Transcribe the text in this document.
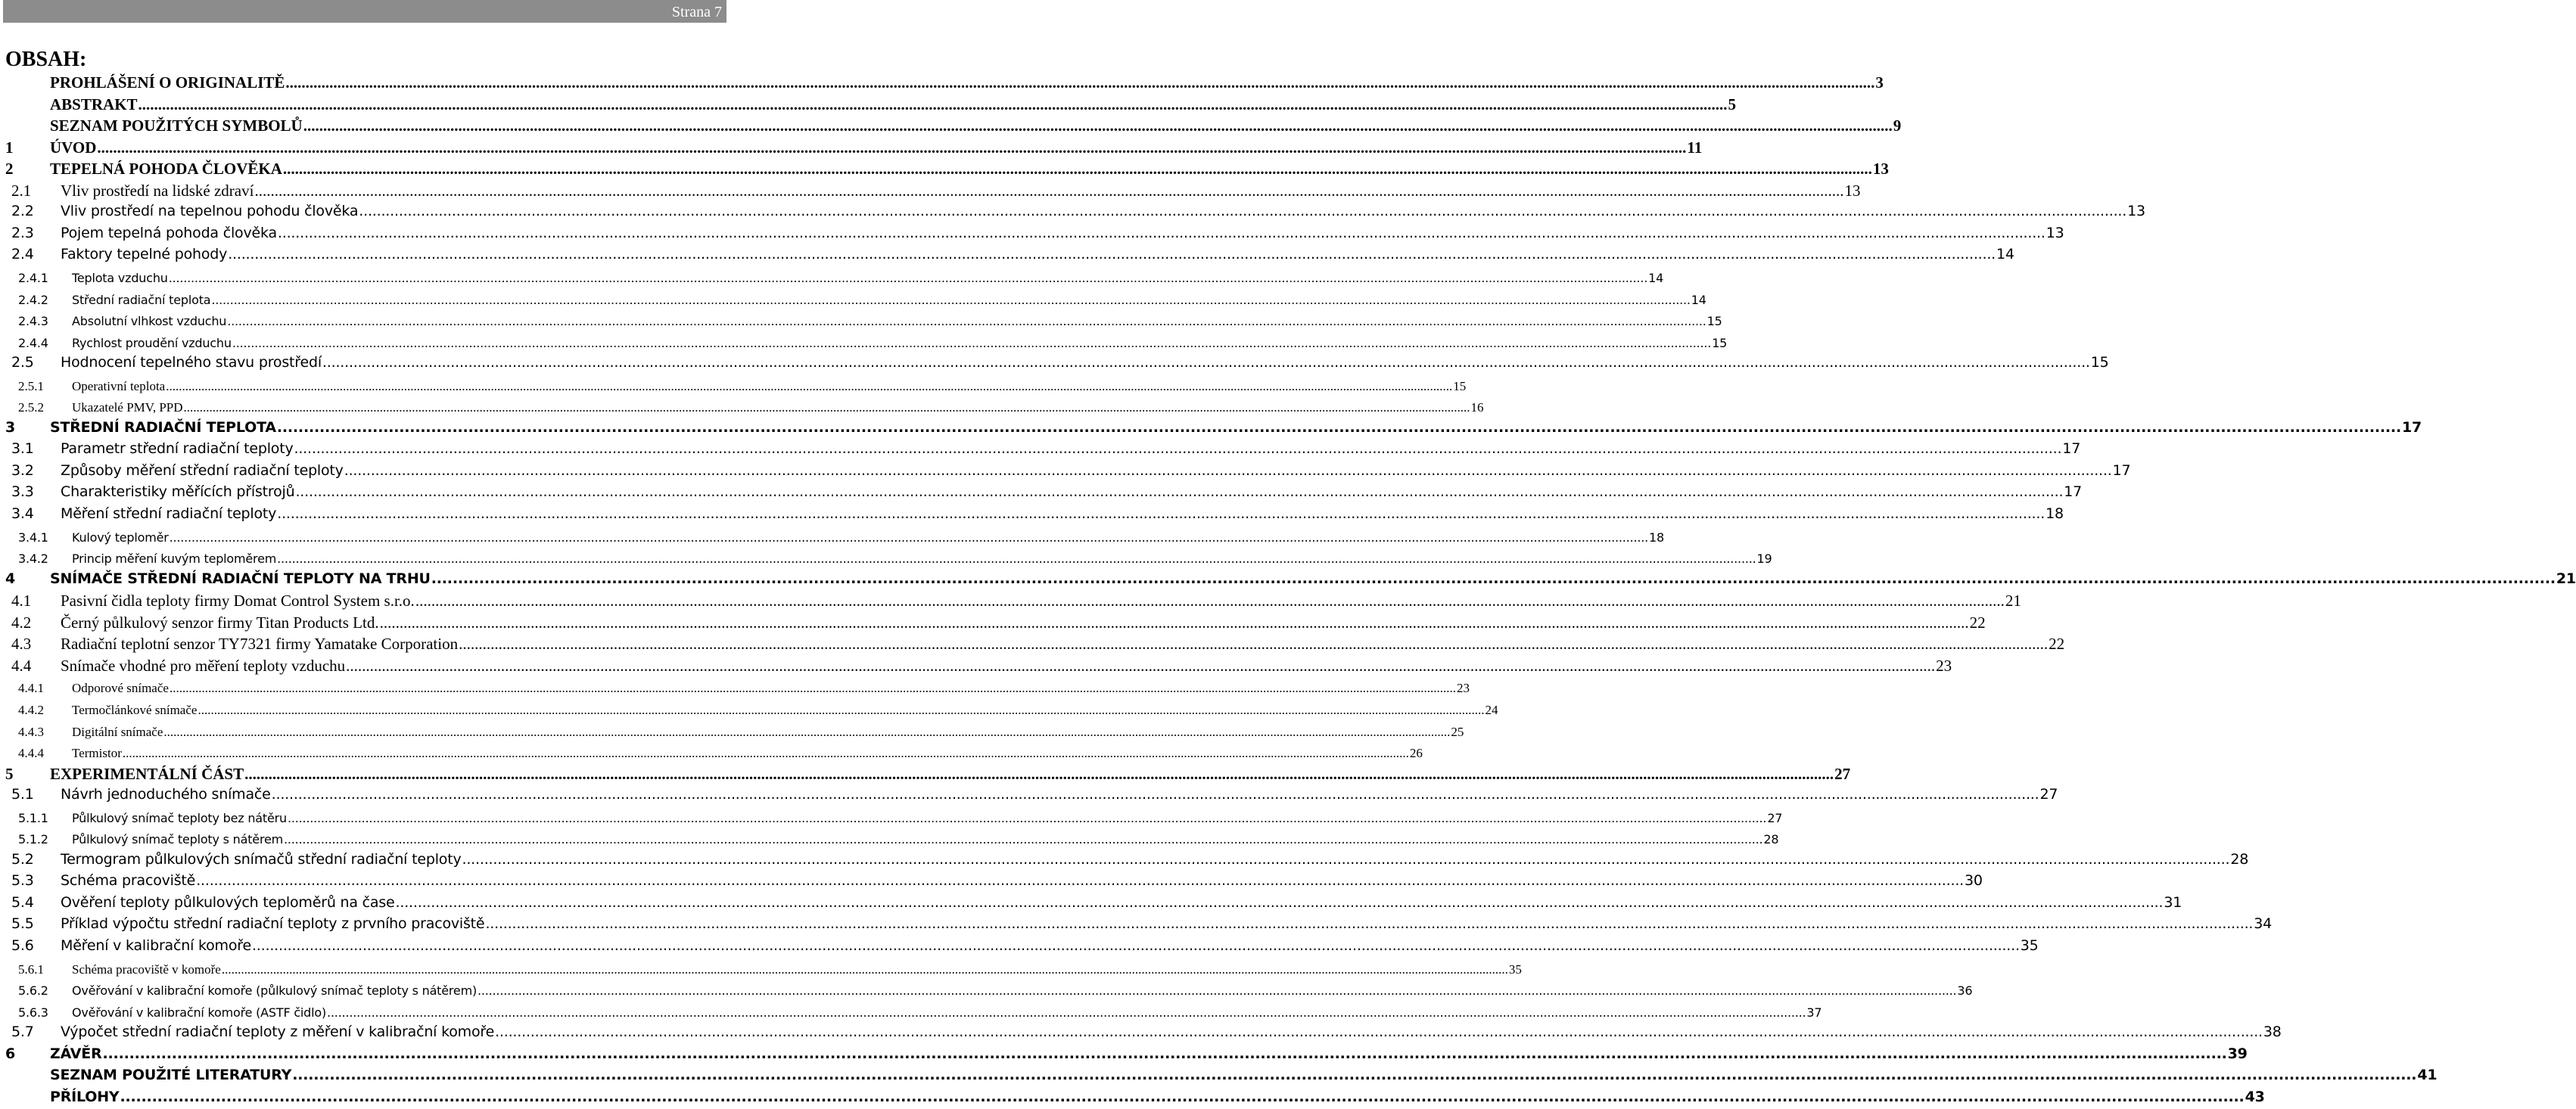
Strana 7
OBSAH:
PROHLÁŠENÍ O ORIGINALITĚ ................................................................................................................................................................................................................................................................................................................................................................................................................ 3
ABSTRAKT ................................................................................................................................................................................................................................................................................................................................................................................................................ 5
SEZNAM POUŽITÝCH SYMBOLŮ ................................................................................................................................................................................................................................................................................................................................................................................................................ 9
1 ÚVOD ................................................................................................................................................................................................................................................................................................................................................................................................................ 11
2 TEPELNÁ POHODA ČLOVĚKA ................................................................................................................................................................................................................................................................................................................................................................................................................ 13
2.1 Vliv prostředí na lidské zdraví ................................................................................................................................................................................................................................................................................................................................................................................................................ 13
2.2 Vliv prostředí na tepelnou pohodu člověka ................................................................................................................................................................................................................................................................................................................................................................................................................ 13
2.3 Pojem tepelná pohoda člověka ................................................................................................................................................................................................................................................................................................................................................................................................................ 13
2.4 Faktory tepelné pohody ................................................................................................................................................................................................................................................................................................................................................................................................................ 14
2.4.1 Teplota vzduchu ................................................................................................................................................................................................................................................................................................................................................................................................................ 14
2.4.2 Střední radiační teplota ................................................................................................................................................................................................................................................................................................................................................................................................................ 14
2.4.3 Absolutní vlhkost vzduchu ................................................................................................................................................................................................................................................................................................................................................................................................................ 15
2.4.4 Rychlost proudění vzduchu ................................................................................................................................................................................................................................................................................................................................................................................................................ 15
2.5 Hodnocení tepelného stavu prostředí ................................................................................................................................................................................................................................................................................................................................................................................................................ 15
2.5.1 Operativní teplota ................................................................................................................................................................................................................................................................................................................................................................................................................ 15
2.5.2 Ukazatelé PMV, PPD ................................................................................................................................................................................................................................................................................................................................................................................................................ 16
3 STŘEDNÍ RADIAČNÍ TEPLOTA ................................................................................................................................................................................................................................................................................................................................................................................................................ 17
3.1 Parametr střední radiační teploty ................................................................................................................................................................................................................................................................................................................................................................................................................ 17
3.2 Způsoby měření střední radiační teploty ................................................................................................................................................................................................................................................................................................................................................................................................................ 17
3.3 Charakteristiky měřících přístrojů ................................................................................................................................................................................................................................................................................................................................................................................................................ 17
3.4 Měření střední radiační teploty ................................................................................................................................................................................................................................................................................................................................................................................................................ 18
3.4.1 Kulový teploměr ................................................................................................................................................................................................................................................................................................................................................................................................................ 18
3.4.2 Princip měření kuvým teploměrem ................................................................................................................................................................................................................................................................................................................................................................................................................ 19
4 SNÍMAČE STŘEDNÍ RADIAČNÍ TEPLOTY NA TRHU ................................................................................................................................................................................................................................................................................................................................................................................................................ 21
4.1 Pasivní čidla teploty firmy Domat Control System s.r.o. ................................................................................................................................................................................................................................................................................................................................................................................................................ 21
4.2 Černý půlkulový senzor firmy Titan Products Ltd. ................................................................................................................................................................................................................................................................................................................................................................................................................ 22
4.3 Radiační teplotní senzor TY7321 firmy Yamatake Corporation ................................................................................................................................................................................................................................................................................................................................................................................................................ 22
4.4 Snímače vhodné pro měření teploty vzduchu ................................................................................................................................................................................................................................................................................................................................................................................................................ 23
4.4.1 Odporové snímače ................................................................................................................................................................................................................................................................................................................................................................................................................ 23
4.4.2 Termočlánkové snímače ................................................................................................................................................................................................................................................................................................................................................................................................................ 24
4.4.3 Digitální snímače ................................................................................................................................................................................................................................................................................................................................................................................................................ 25
4.4.4 Termistor ................................................................................................................................................................................................................................................................................................................................................................................................................ 26
5 EXPERIMENTÁLNÍ ČÁST ................................................................................................................................................................................................................................................................................................................................................................................................................ 27
5.1 Návrh jednoduchého snímače ................................................................................................................................................................................................................................................................................................................................................................................................................ 27
5.1.1 Půlkulový snímač teploty bez nátěru ................................................................................................................................................................................................................................................................................................................................................................................................................ 27
5.1.2 Půlkulový snímač teploty s nátěrem ................................................................................................................................................................................................................................................................................................................................................................................................................ 28
5.2 Termogram půlkulových snímačů střední radiační teploty ................................................................................................................................................................................................................................................................................................................................................................................................................ 28
5.3 Schéma pracoviště ................................................................................................................................................................................................................................................................................................................................................................................................................ 30
5.4 Ověření teploty půlkulových teploměrů na čase ................................................................................................................................................................................................................................................................................................................................................................................................................ 31
5.5 Příklad výpočtu střední radiační teploty z prvního pracoviště ................................................................................................................................................................................................................................................................................................................................................................................................................ 34
5.6 Měření v kalibrační komoře ................................................................................................................................................................................................................................................................................................................................................................................................................ 35
5.6.1 Schéma pracoviště v komoře ................................................................................................................................................................................................................................................................................................................................................................................................................ 35
5.6.2 Ověřování v kalibrační komoře (půlkulový snímač teploty s nátěrem) ................................................................................................................................................................................................................................................................................................................................................................................................................ 36
5.6.3 Ověřování v kalibrační komoře (ASTF čidlo) ................................................................................................................................................................................................................................................................................................................................................................................................................ 37
5.7 Výpočet střední radiační teploty z měření v kalibrační komoře ................................................................................................................................................................................................................................................................................................................................................................................................................ 38
6 ZÁVĚR ................................................................................................................................................................................................................................................................................................................................................................................................................ 39
SEZNAM POUŽITÉ LITERATURY ................................................................................................................................................................................................................................................................................................................................................................................................................ 41
PŘÍLOHY ................................................................................................................................................................................................................................................................................................................................................................................................................ 43
